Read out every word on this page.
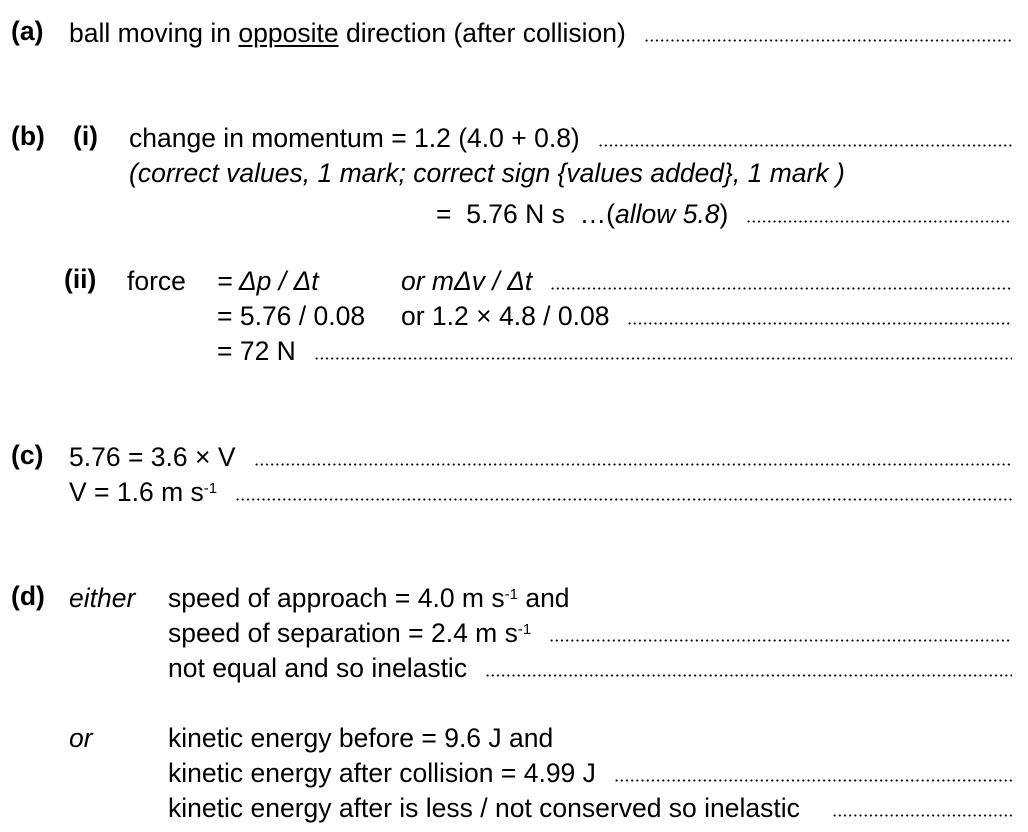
(a) ball moving in opposite direction (after collision)
(b) (i) change in momentum = 1.2 (4.0 + 0.8)
(correct values, 1 mark; correct sign {values added}, 1 mark )
=  5.76 N s  …( allow 5.8 )
(ii) force = Δp / Δt	or mΔv / Δt
= 5.76 / 0.08	or 1.2 × 4.8 / 0.08
= 72 N
(c) 5.76 = 3.6 × V
V = 1.6 m $s^{-1}$
(d) either speed of approach = 4.0 m $s^{-1}$ and
speed of separation = 2.4 m $s^{-1}$
not equal and so inelastic
or	kinetic energy before = 9.6 J and
kinetic energy after collision = 4.99 J
kinetic energy after is less / not conserved so inelastic
